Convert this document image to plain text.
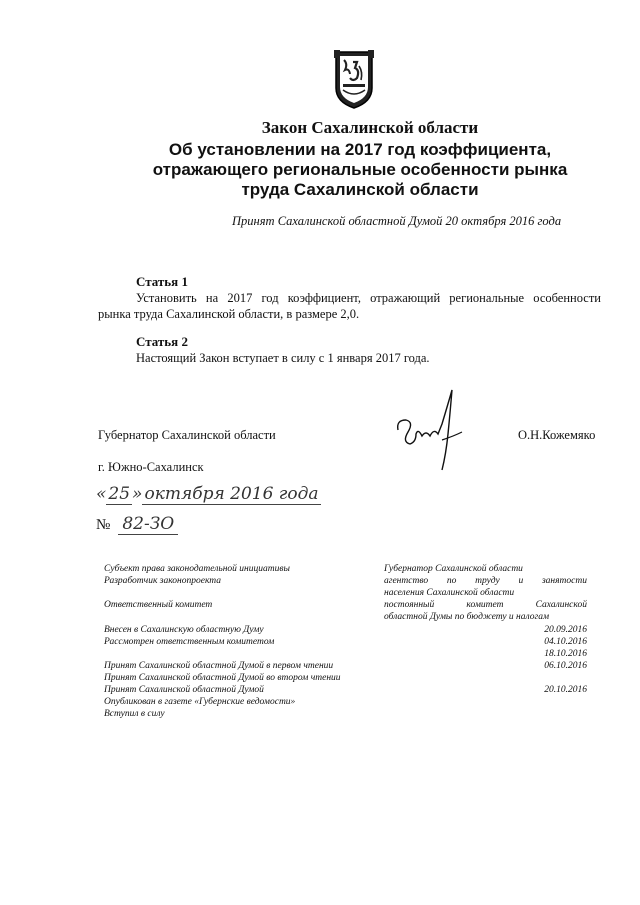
Закон Сахалинской области
Об установлении на 2017 год коэффициента,
отражающего региональные особенности рынка
труда Сахалинской области
Принят Сахалинской областной Думой 20 октября 2016 года
Статья 1
Установить на 2017 год коэффициент, отражающий региональные особенности
рынка труда Сахалинской области, в размере 2,0.
Статья 2
Настоящий Закон вступает в силу с 1 января 2017 года.
Губернатор Сахалинской области	О.Н.Кожемяко
г. Южно-Сахалинск
« 25 » октября 2016 года
№ 82-ЗО
Субъект права законодательной инициативы	Губернатор Сахалинской области
Разработчик законопроекта	агентство по труду и занятости
населения Сахалинской области
Ответственный комитет	постоянный комитет Сахалинской
областной Думы по бюджету и налогам
Внесен в Сахалинскую областную Думу	20.09.2016
Рассмотрен ответственным комитетом	04.10.2016
18.10.2016
Принят Сахалинской областной Думой в первом чтении	06.10.2016
Принят Сахалинской областной Думой во втором чтении
Принят Сахалинской областной Думой	20.10.2016
Опубликован в газете «Губернские ведомости»
Вступил в силу
